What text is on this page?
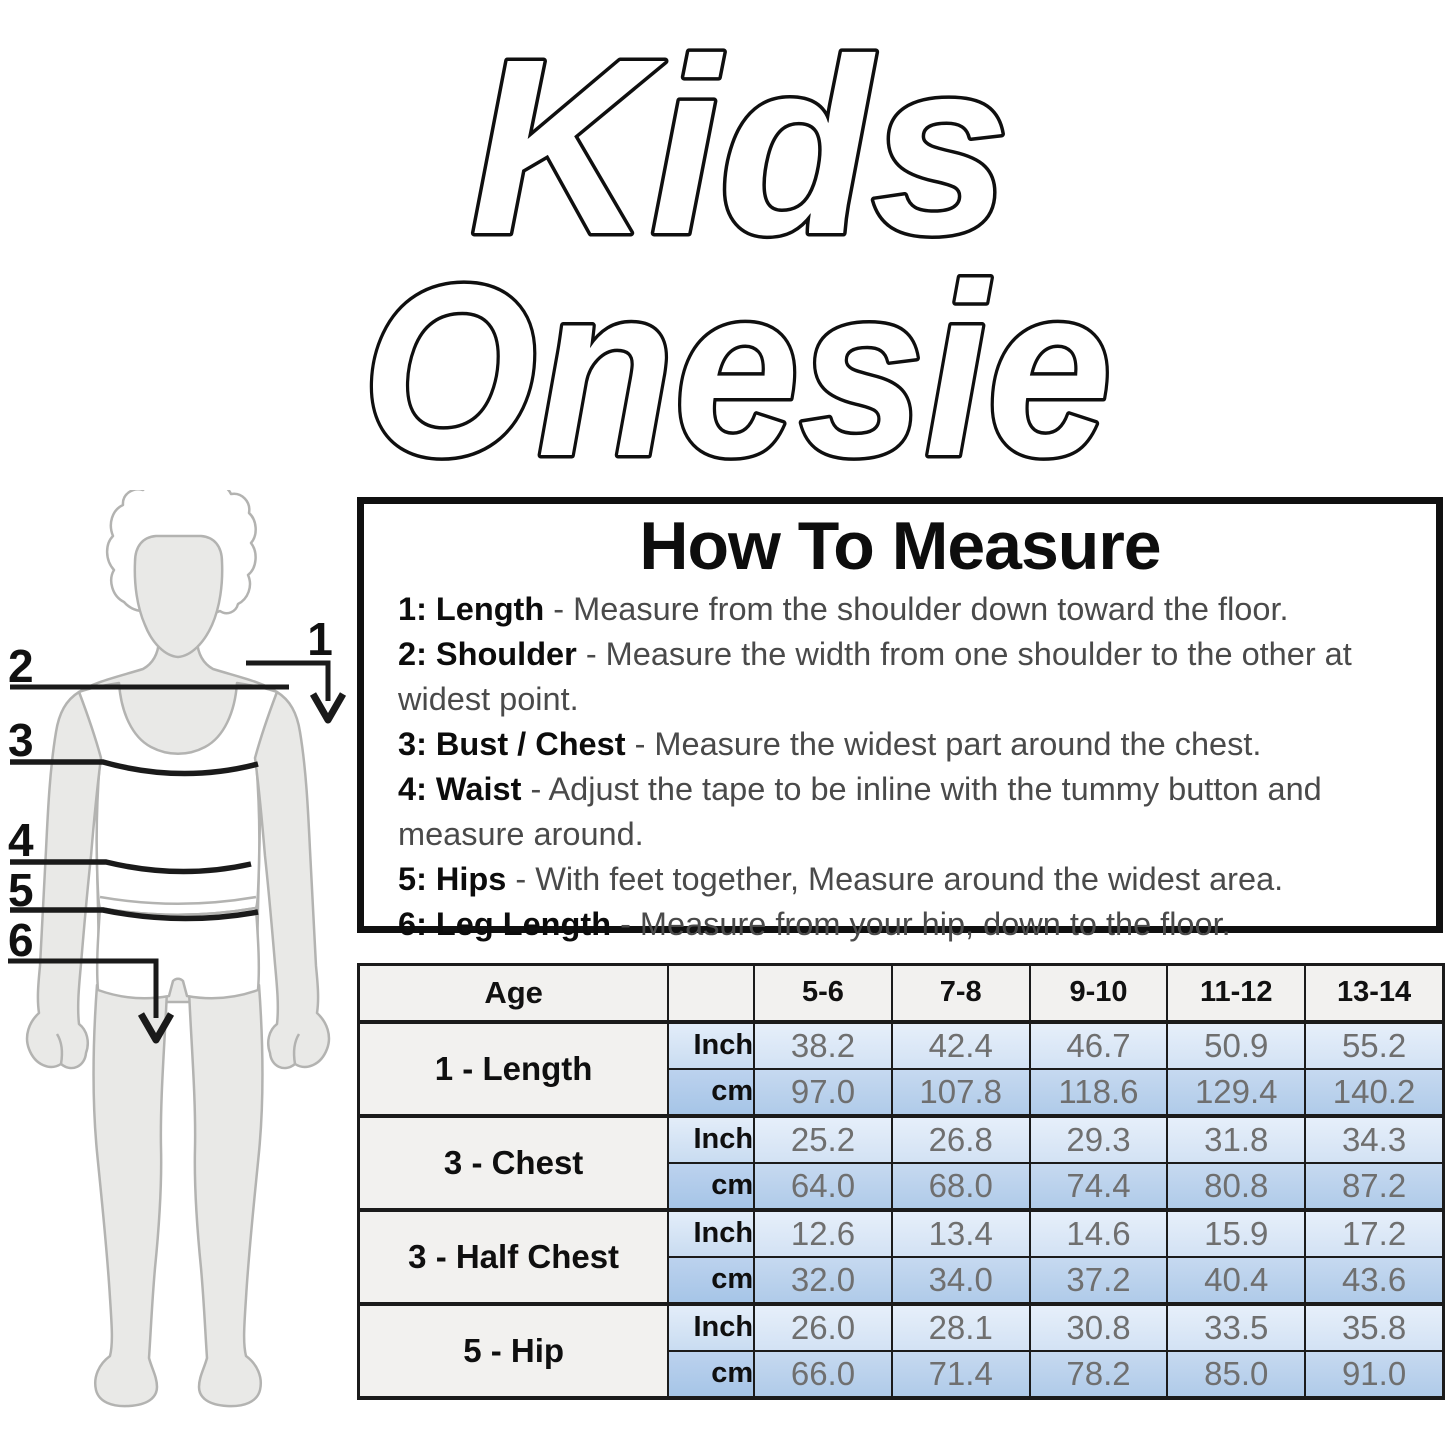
Kids
Onesie
1
2
3
4
5
6
How To Measure
1: Length - Measure from the shoulder down toward the floor.
2: Shoulder - Measure the width from one shoulder to the other at widest point.
3: Bust / Chest - Measure the widest part around the chest.
4: Waist - Adjust the tape to be inline with the tummy button and measure around.
5: Hips - With feet together, Measure around the widest area.
6: Leg Length - Measure from your hip, down to the floor.
Age		5-6	7-8	9-10	11-12	13-14
1 - Length	Inch	38.2	42.4	46.7	50.9	55.2
	cm	97.0	107.8	118.6	129.4	140.2
3 - Chest	Inch	25.2	26.8	29.3	31.8	34.3
	cm	64.0	68.0	74.4	80.8	87.2
3 - Half Chest	Inch	12.6	13.4	14.6	15.9	17.2
	cm	32.0	34.0	37.2	40.4	43.6
5 - Hip	Inch	26.0	28.1	30.8	33.5	35.8
	cm	66.0	71.4	78.2	85.0	91.0
